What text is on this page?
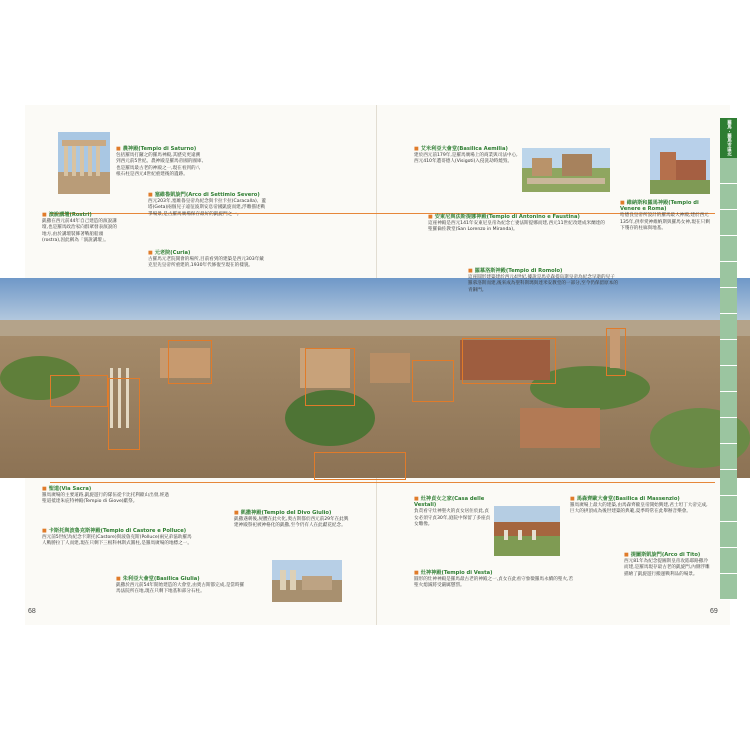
■ 農神殿(Tempio di Saturno)
包括羅馬打鑼之的羅馬神殿,其歷史更遠溯到西元前5世紀。農神殿是羅馬帝國的國庫,也是羅馬最古老的神殿之一,現在看到的八根石柱是西元4世紀重建後的遺跡。
■ 塞維魯凱旋門(Arco di Settimio Severo)
西元203年,塞維魯皇帝為紀念與卡拉卡拉(Caracalla)、蓋塔(Geta)兩個兒子遠征波斯安息帝國凱旋而建,浮雕描述戰爭場景,是古羅馬廣場保存最好的凱旋門之一。
■ 演說講壇(Rostri)
凱撒在西元前44年自己建造的演說講壇,也是羅馬政治家向群眾發表演說的地方,由於講壇裝飾著戰船船頭(rostra),因此稱為「演說講壇」。
■ 元老院(Curia)
古羅馬元老院開會的場所,目前看到的建築是西元303年戴克里先皇帝所重建的,1930年代修復至現在的樣貌。
■ 聖道(Via Sacra)
羅馬廣場的主要道路,凱旋遊行的隊伍從卡比托利歐山出發,經過聖道抵達朱庇特神殿(Tempio di Giove)獻祭。
■ 卡斯托與波魯克斯神殿(Tempio di Castore e Polluce)
西元前5世紀為紀念卡斯托(Castore)與波魯克斯(Polluce)兩兄弟協助羅馬人戰勝拉丁人而建,現在只剩下三根科林斯式圓柱,是羅馬廣場的地標之一。
■ 朱利亞大會堂(Basilica Giulia)
凱撒於西元前54年開始建造的大會堂,由奧古斯都完成,是當時羅馬法院所在地,現在只剩下地基和部分石柱。
■ 凱撒神殿(Tempio del Divo Giulio)
凱撒遇刺後,屍體在此火化,奧古斯都於西元前29年在此興建神殿祭祀被神格化的凱撒,至今仍有人在此獻花紀念。
■ 艾米利亞大會堂(Basilica Aemilia)
建於西元前179年,是羅馬廣場上的商業與司法中心,西元410年遭哥德人(Visigoti)入侵洗劫時燒毀。
■ 維納斯和羅馬神殿(Tempio di Venere e Roma)
哈德良皇帝所設計的羅馬最大神殿,建於西元135年,供奉愛神維納斯與羅馬女神,現在只剩下殘存的柱廊與地基。
■ 安東尼與法斯提娜神殿(Tempio di Antonino e Faustina)
這座神殿是西元141年安東尼皇帝為紀念亡妻法斯提娜而建,西元11世紀改建成米蘭達的聖羅倫佐教堂(San Lorenzo in Miranda)。
■ 羅慕洛斯神殿(Tempio di Romolo)
這座圓形建築建於西元4世紀,據說是馬克森提烏斯皇帝為紀念早逝的兒子羅慕洛斯而建,後來成為聖科斯瑪與達米安教堂的一部分,至今仍保留原本的青銅門。
■ 灶神貞女之家(Casa delle Vestali)
負責看守灶神聖火的貞女居住於此,貞女必須守貞30年,庭院中保留了多座貞女雕像。
■ 灶神神殿(Tempio di Vesta)
圓形的灶神神殿是羅馬最古老的神殿之一,貞女在此看守象徵羅馬永續的聖火,若聖火熄滅將受嚴厲懲罰。
■ 馬森齊歐大會堂(Basilica di Massenzio)
羅馬廣場上最大的建築,由馬森齊歐皇帝開始興建,君士坦丁大帝完成,巨大的拱頂成為後世建築的典範,夏季時常在此舉辦音樂會。
■ 提圖斯凱旋門(Arco di Tito)
西元81年為紀念提圖斯皇帝攻陷耶路撒冷而建,是羅馬現存最古老的凱旋門,內側浮雕描繪了凱旋遊行搬運戰利品的場景。
68	69
羅馬・羅馬市區北
